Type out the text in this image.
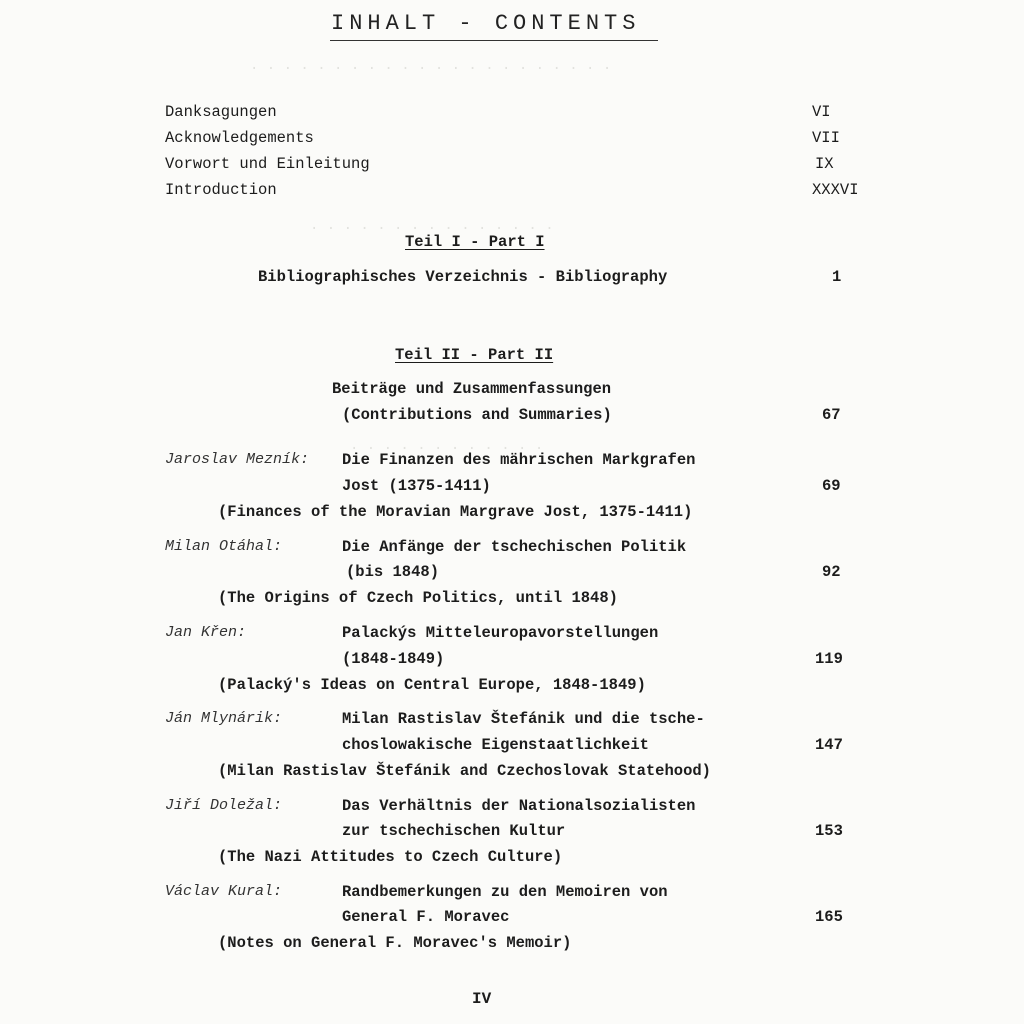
. . . . . . . . . . . . . . . . . . . . . .
. . . . . . . . . . . . . . .
. . . . . . . . . . . .
INHALT - CONTENTS
Danksagungen	VI
Acknowledgements	VII
Vorwort und Einleitung	IX
Introduction	XXXVI
Teil I - Part I
Bibliographisches Verzeichnis - Bibliography	1
Teil II - Part II
Beiträge und Zusammenfassungen
(Contributions and Summaries)	67
Jaroslav Mezník: Die Finanzen des mährischen Markgrafen
Jost (1375-1411)	69
(Finances of the Moravian Margrave Jost, 1375-1411)
Milan Otáhal:	Die Anfänge der tschechischen Politik
(bis 1848)	92
(The Origins of Czech Politics, until 1848)
Jan Křen:	Palackýs Mitteleuropavorstellungen
(1848-1849)	119
(Palacký's Ideas on Central Europe, 1848-1849)
Ján Mlynárik:	Milan Rastislav Štefánik und die tsche-
choslowakische Eigenstaatlichkeit	147
(Milan Rastislav Štefánik and Czechoslovak Statehood)
Jiří Doležal:	Das Verhältnis der Nationalsozialisten
zur tschechischen Kultur	153
(The Nazi Attitudes to Czech Culture)
Václav Kural:	Randbemerkungen zu den Memoiren von
General F. Moravec	165
(Notes on General F. Moravec's Memoir)
IV
